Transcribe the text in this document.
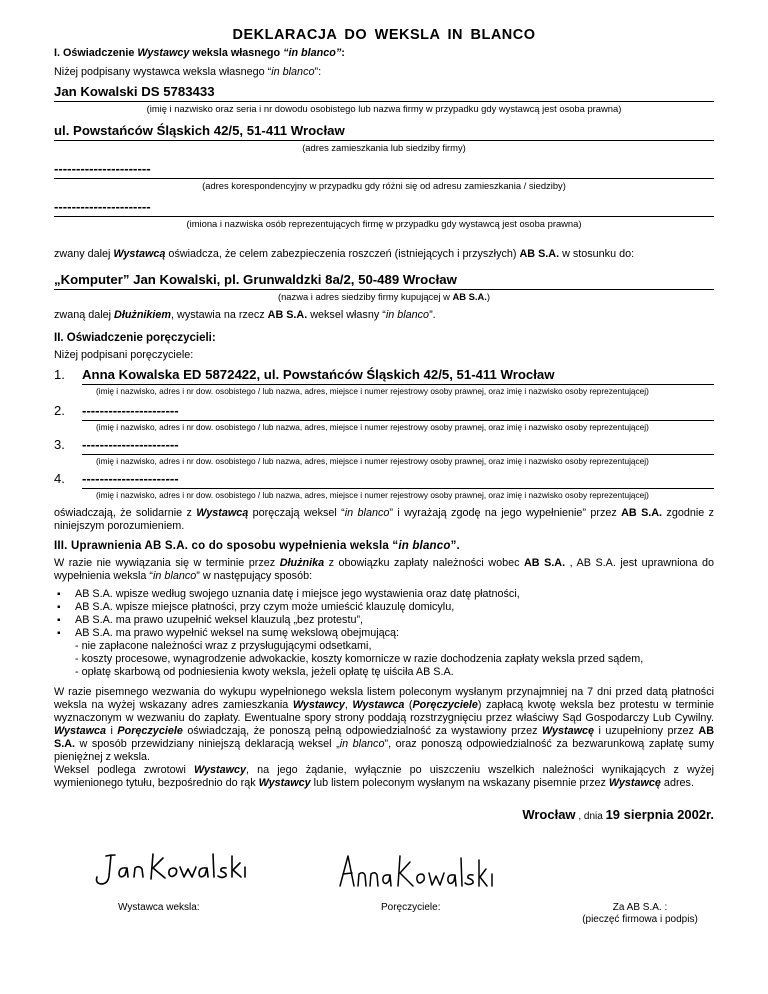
DEKLARACJA DO WEKSLA IN BLANCO
I. Oświadczenie Wystawcy weksla własnego “in blanco”:
Niżej podpisany wystawca weksla własnego “in blanco”:
Jan Kowalski DS 5783433
(imię i nazwisko oraz seria i nr dowodu osobistego lub nazwa firmy w przypadku gdy wystawcą jest osoba prawna)
ul. Powstańców Śląskich 42/5, 51-411 Wrocław
(adres zamieszkania lub siedziby firmy)
----------------------
(adres korespondencyjny w przypadku gdy różni się od adresu zamieszkania / siedziby)
----------------------
(imiona i nazwiska osób reprezentujących firmę w przypadku gdy wystawcą jest osoba prawna)
zwany dalej Wystawcą oświadcza, że celem zabezpieczenia roszczeń (istniejących i przyszłych) AB S.A. w stosunku do:
„Komputer” Jan Kowalski, pl. Grunwaldzki 8a/2, 50-489 Wrocław
(nazwa i adres siedziby firmy kupującej w AB S.A.)
zwaną dalej Dłużnikiem, wystawia na rzecz AB S.A. weksel własny “in blanco”.
II. Oświadczenie poręczycieli:
Niżej podpisani poręczyciele:
1. Anna Kowalska ED 5872422, ul. Powstańców Śląskich 42/5, 51-411 Wrocław
(imię i nazwisko, adres i nr dow. osobistego / lub nazwa, adres, miejsce i numer rejestrowy osoby prawnej, oraz imię i nazwisko osoby reprezentującej)
2. ----------------------
(imię i nazwisko, adres i nr dow. osobistego / lub nazwa, adres, miejsce i numer rejestrowy osoby prawnej, oraz imię i nazwisko osoby reprezentującej)
3. ----------------------
(imię i nazwisko, adres i nr dow. osobistego / lub nazwa, adres, miejsce i numer rejestrowy osoby prawnej, oraz imię i nazwisko osoby reprezentującej)
4. ----------------------
(imię i nazwisko, adres i nr dow. osobistego / lub nazwa, adres, miejsce i numer rejestrowy osoby prawnej, oraz imię i nazwisko osoby reprezentującej)
oświadczają, że solidarnie z Wystawcą poręczają weksel “in blanco” i wyrażają zgodę na jego wypełnienie” przez AB S.A. zgodnie z niniejszym porozumieniem.
III. Uprawnienia AB S.A. co do sposobu wypełnienia weksla “in blanco”.
W razie nie wywiązania się w terminie przez Dłużnika z obowiązku zapłaty należności wobec AB S.A. , AB S.A. jest uprawniona do wypełnienia weksla “in blanco” w następujący sposób:
▪ AB S.A. wpisze według swojego uznania datę i miejsce jego wystawienia oraz datę płatności,
▪ AB S.A. wpisze miejsce płatności, przy czym może umieścić klauzulę domicylu,
▪ AB S.A. ma prawo uzupełnić weksel klauzulą „bez protestu”,
▪ AB S.A. ma prawo wypełnić weksel na sumę wekslową obejmującą:
- nie zapłacone należności wraz z przysługującymi odsetkami,
- koszty procesowe, wynagrodzenie adwokackie, koszty komornicze w razie dochodzenia zapłaty weksla przed sądem,
- opłatę skarbową od podniesienia kwoty weksla, jeżeli opłatę tę uiściła AB S.A.
W razie pisemnego wezwania do wykupu wypełnionego weksla listem poleconym wysłanym przynajmniej na 7 dni przed datą płatności weksla na wyżej wskazany adres zamieszkania Wystawcy, Wystawca (Poręczyciele) zapłacą kwotę weksla bez protestu w terminie wyznaczonym w wezwaniu do zapłaty. Ewentualne spory strony poddają rozstrzygnięciu przez właściwy Sąd Gospodarczy Lub Cywilny. Wystawca i Poręczyciele oświadczają, że ponoszą pełną odpowiedzialność za wystawiony przez Wystawcę i uzupełniony przez AB S.A. w sposób przewidziany niniejszą deklaracją weksel „in blanco”, oraz ponoszą odpowiedzialność za bezwarunkową zapłatę sumy pieniężnej z weksla.
Weksel podlega zwrotowi Wystawcy, na jego żądanie, wyłącznie po uiszczeniu wszelkich należności wynikających z wyżej wymienionego tytułu, bezpośrednio do rąk Wystawcy lub listem poleconym wysłanym na wskazany pisemnie przez Wystawcę adres.
Wrocław , dnia 19 sierpnia 2002r.
Wystawca weksla:	Poręczyciele:	Za AB S.A. :
(pieczęć firmowa i podpis)
